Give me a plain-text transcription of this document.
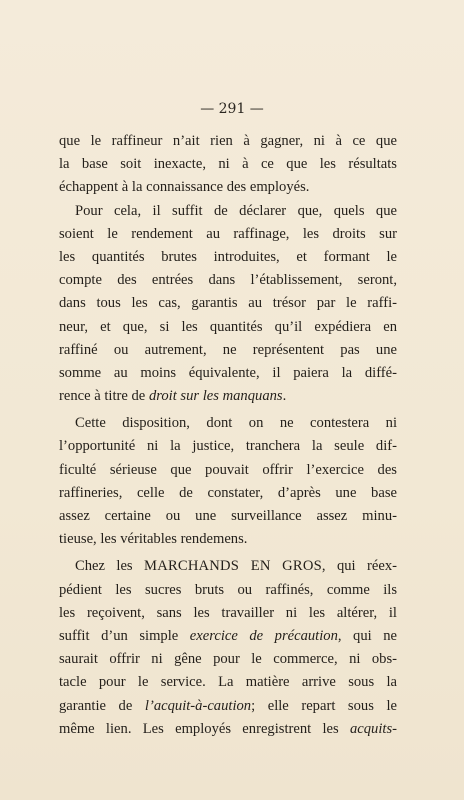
— 291 —
que le raffineur n’ait rien à gagner, ni à ce que
la base soit inexacte, ni à ce que les résultats
échappent à la connaissance des employés.
Pour cela, il suffit de déclarer que, quels que
soient le rendement au raffinage, les droits sur
les quantités brutes introduites, et formant le
compte des entrées dans l’établissement, seront,
dans tous les cas, garantis au trésor par le raffi-
neur, et que, si les quantités qu’il expédiera en
raffiné ou autrement, ne représentent pas une
somme au moins équivalente, il paiera la diffé-
rence à titre de droit sur les manquans.
Cette disposition, dont on ne contestera ni
l’opportunité ni la justice, tranchera la seule dif-
ficulté sérieuse que pouvait offrir l’exercice des
raffineries, celle de constater, d’après une base
assez certaine ou une surveillance assez minu-
tieuse, les véritables rendemens.
Chez les MARCHANDS EN GROS, qui réex-
pédient les sucres bruts ou raffinés, comme ils
les reçoivent, sans les travailler ni les altérer, il
suffit d’un simple exercice de précaution, qui ne
saurait offrir ni gêne pour le commerce, ni obs-
tacle pour le service. La matière arrive sous la
garantie de l’acquit-à-caution; elle repart sous le
même lien. Les employés enregistrent les acquits-
